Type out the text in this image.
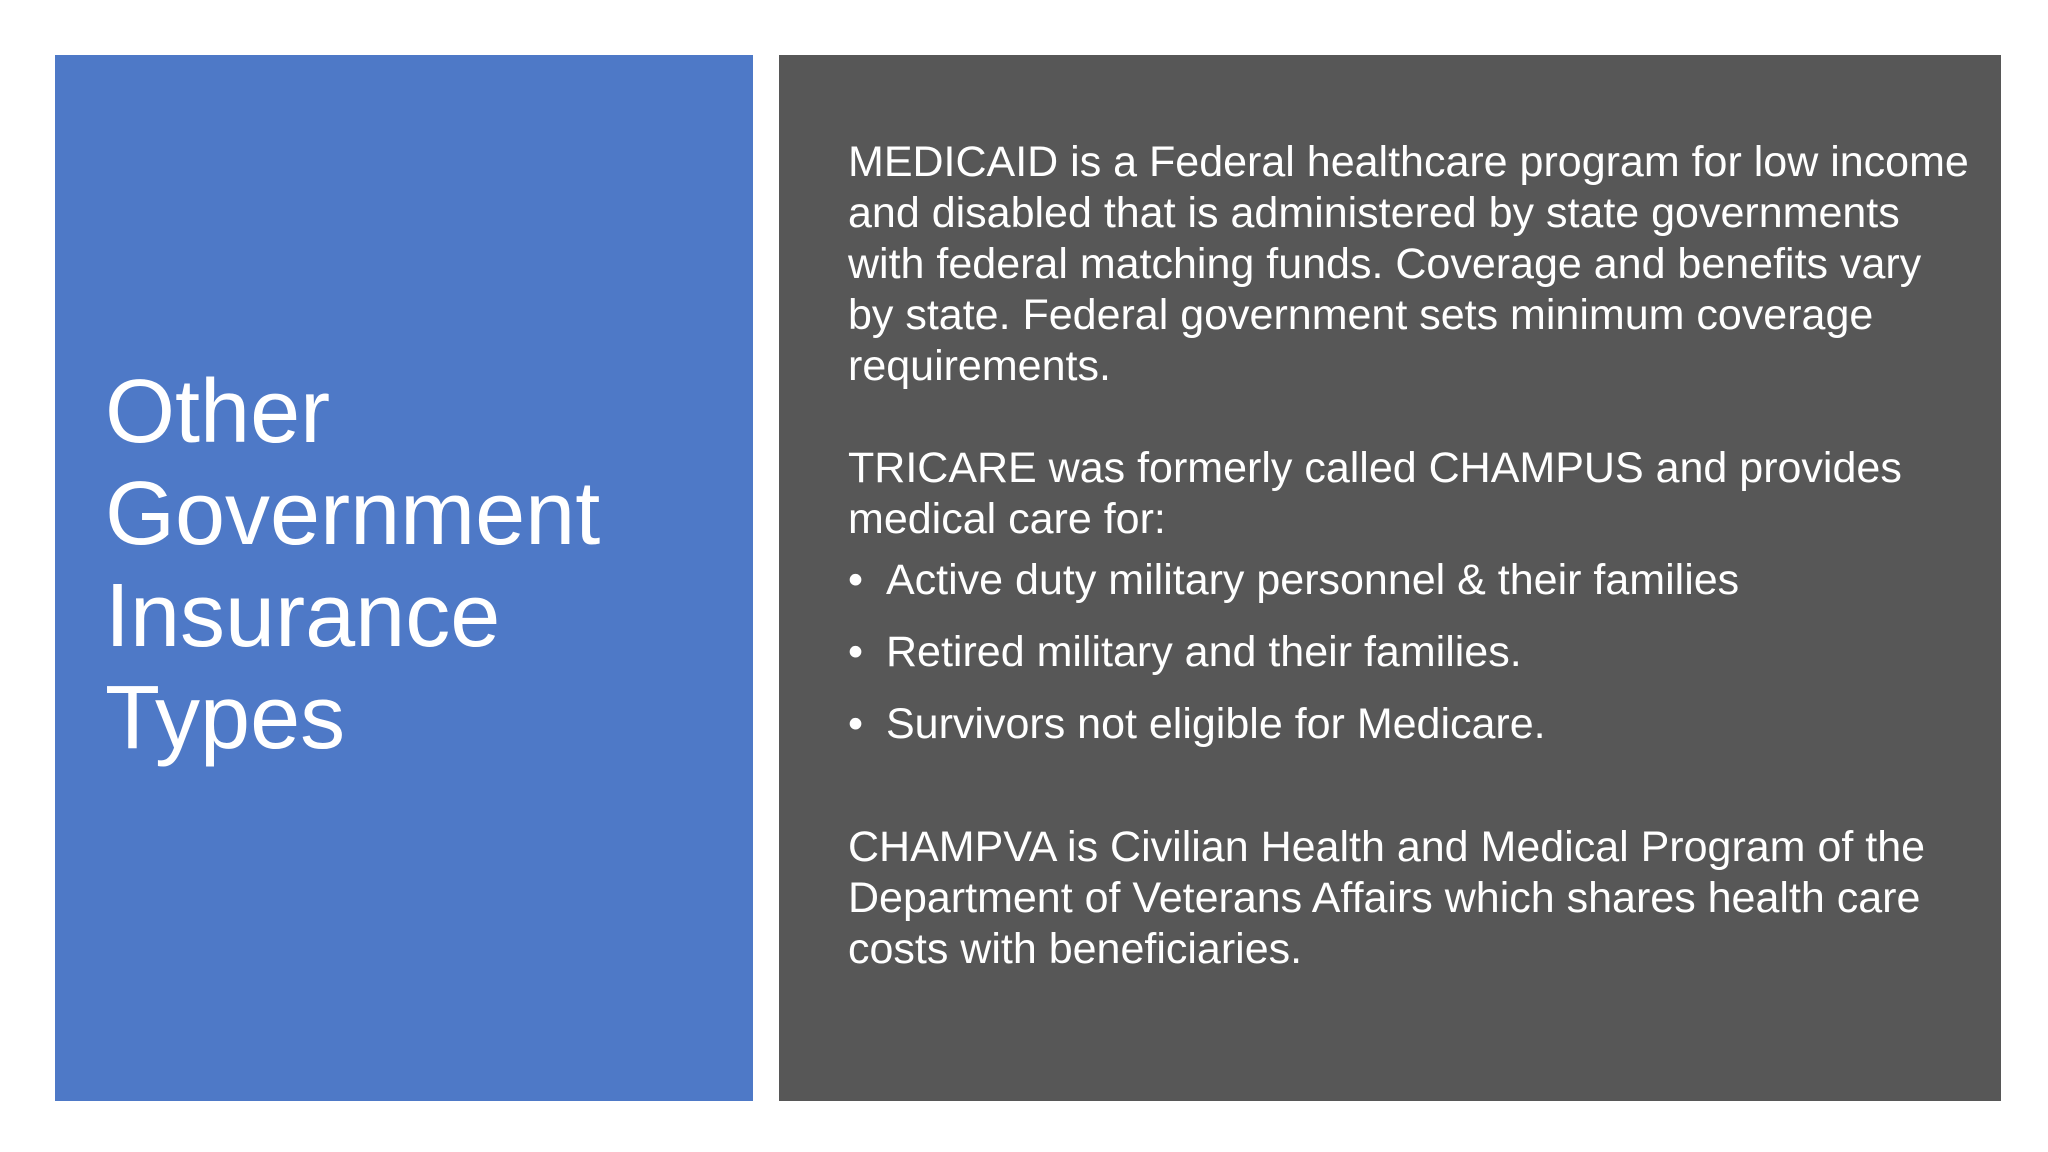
Other
Government
Insurance
Types

MEDICAID is a Federal healthcare program for low income and disabled that is administered by state governments with federal matching funds. Coverage and benefits vary by state. Federal government sets minimum coverage requirements.

TRICARE was formerly called CHAMPUS and provides medical care for:

• Active duty military personnel & their families
• Retired military and their families.
• Survivors not eligible for Medicare.

CHAMPVA is Civilian Health and Medical Program of the Department of Veterans Affairs which shares health care costs with beneficiaries.
